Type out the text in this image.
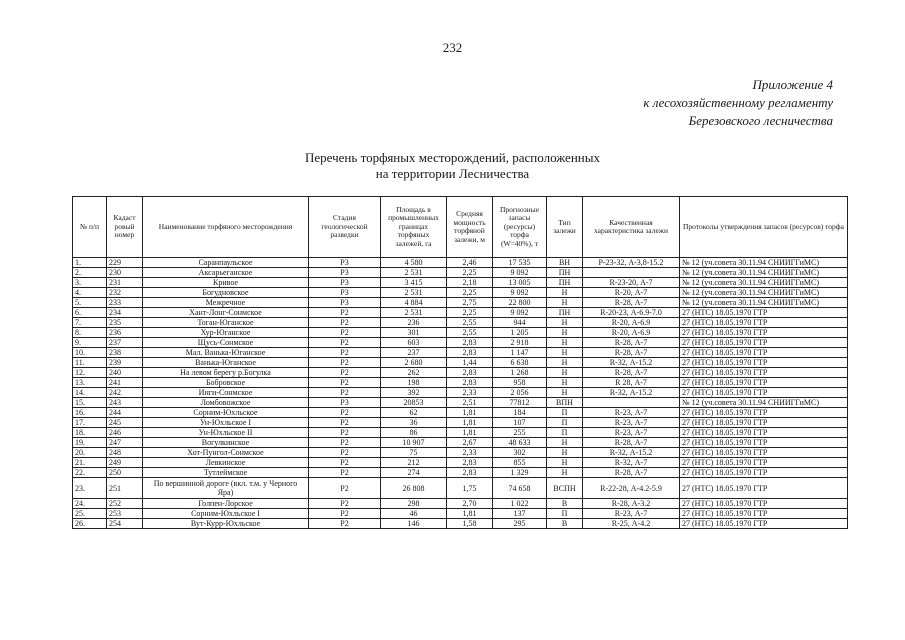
232
Приложение 4
к лесохозяйственному регламенту
Березовского лесничества
Перечень торфяных месторождений, расположенных
на территории Лесничества
№ п/п	Кадаст ровый номер	Наименование торфяного месторождения	Стадия геологической разведки	Площадь в промышленных границах торфяных залежей, га	Средняя мощность торфяной залежи, м	Прогнозные запасы (ресурсы) торфа (W=40%), т	Тип залежи	Качественная характеристика залежи	Протоколы утверждения запасов (ресурсов) торфа
1.	229	Саранпаульское	Р3	4 580	2,46	17 535	ВН	Р-23-32, А-3,8-15.2	№ 12 (уч.совета 30.11.94 СНИИГГиМС)
2.	230	Аксарьеганское	Р3	2 531	2,25	9 092	ПН		№ 12 (уч.совета 30.11.94 СНИИГГиМС)
3.	231	Кривое	Р3	3 415	2,18	13 005	ПН	R-23-20, А-7	№ 12 (уч.совета 30.11.94 СНИИГГиМС)
4.	232	Богудновское	Р3	2 531	2,25	9 092	Н	R-20, А-7	№ 12 (уч.совета 30.11.94 СНИИГГиМС)
5.	233	Межречное	Р3	4 884	2,75	22 800	Н	R-28, А-7	№ 12 (уч.совета 30.11.94 СНИИГГиМС)
6.	234	Хант-Лонг-Сонмское	Р2	2 531	2,25	9 092	ПН	R-20-23, А-6.9-7.0	27 (НТС) 18.05.1970 ГТР
7.	235	Тоган-Юганское	Р2	236	2,55	944	Н	R-20, А-6.9	27 (НТС) 18.05.1970 ГТР
8.	236	Хур-Юганское	Р2	301	2,55	1 205	Н	R-20, А-6.9	27 (НТС) 18.05.1970 ГТР
9.	237	Щусь-Сонмское	Р2	603	2,83	2 918	Н	R-28, А-7	27 (НТС) 18.05.1970 ГТР
10.	238	Мал. Ванька-Юганское	Р2	237	2,83	1 147	Н	R-28, А-7	27 (НТС) 18.05.1970 ГТР
11.	239	Ванька-Юганское	Р2	2 680	1,44	6 638	Н	R-32, А-15.2	27 (НТС) 18.05.1970 ГТР
12.	240	На левом берегу р.Богулка	Р2	262	2,83	1 268	Н	R-28, А-7	27 (НТС) 18.05.1970 ГТР
13.	241	Бобровское	Р2	198	2,83	958	Н	R 28, А-7	27 (НТС) 18.05.1970 ГТР
14.	242	Инги-Сонмское	Р2	392	2,33	2 056	Н	R-32, А-15.2	27 (НТС) 18.05.1970 ГТР
15.	243	Ломбовожское	Р3	20853	2,51	77812	ВПН		№ 12 (уч.совета 30.11.94 СНИИГГиМС)
16.	244	Сорним-Юхльское	Р2	62	1,81	184	П	R-23, А-7	27 (НТС) 18.05.1970 ГТР
17.	245	Ун-Юхльское I	Р2	36	1,81	107	П	R-23, А-7	27 (НТС) 18.05.1970 ГТР
18.	246	Ун-Юхльское II	Р2	86	1,81	255	П	R-23, А-7	27 (НТС) 18.05.1970 ГТР
19.	247	Вогулкинское	Р2	10 907	2,67	48 633	Н	R-28, А-7	27 (НТС) 18.05.1970 ГТР
20.	248	Хот-Пунгол-Сонмское	Р2	75	2,33	302	Н	R-32, А-15.2	27 (НТС) 18.05.1970 ГТР
21.	249	Левкинское	Р2	212	2,83	855	Н	R-32, А-7	27 (НТС) 18.05.1970 ГТР
22.	250	Тутлеймское	Р2	274	2,83	1 329	Н	R-28, А-7	27 (НТС) 18.05.1970 ГТР
23.	251	По вершинной дороге (вкл. т.м. у Черного Яра)	Р2	26 808	1,75	74 658	ВСПН	R-22-28, А-4.2-5.9	27 (НТС) 18.05.1970 ГТР
24.	252	Голпен-Лорское	Р2	298	2,70	1 022	В	R-28, А-3.2	27 (НТС) 18.05.1970 ГТР
25.	253	Сорним-Юхльское I	Р2	46	1,81	137	П	R-23, А-7	27 (НТС) 18.05.1970 ГТР
26.	254	Вут-Курр-Юхльское	Р2	146	1,58	295	В	R-25, А-4.2	27 (НТС) 18.05.1970 ГТР
